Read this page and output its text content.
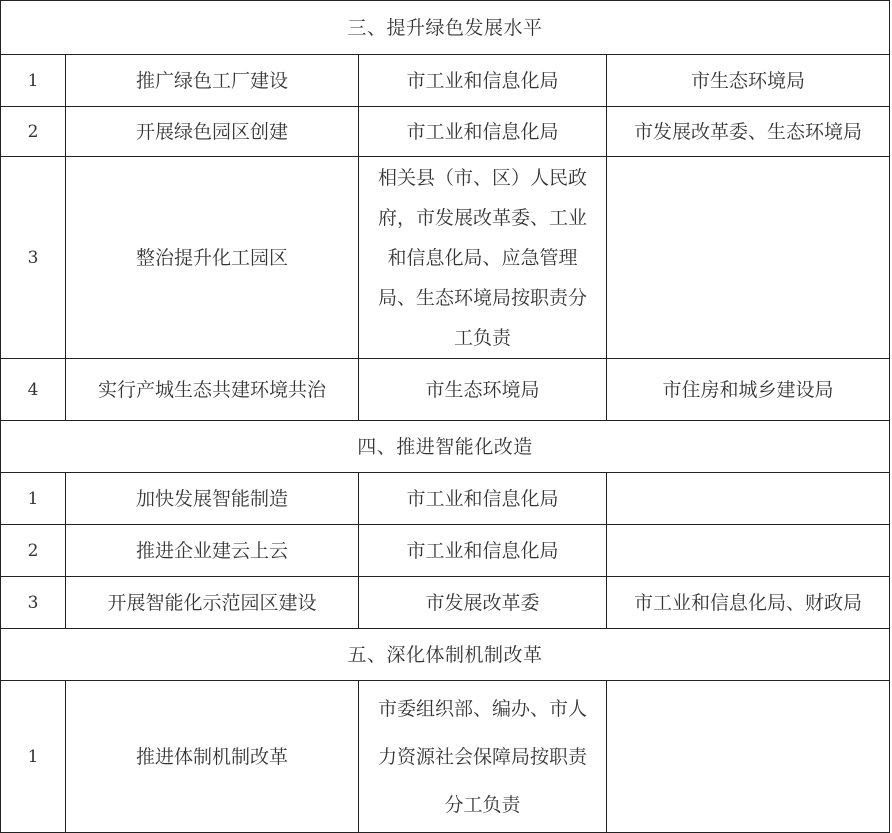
三、提升绿色发展水平			
1	推广绿色工厂建设	市工业和信息化局	市生态环境局
2	开展绿色园区创建	市工业和信息化局	市发展改革委、生态环境局
3	整治提升化工园区	相关县（市、区）人民政
府，市发展改革委、工业
和信息化局、应急管理
局、生态环境局按职责分
工负责	

4	实行产城生态共建环境共治	市生态环境局	市住房和城乡建设局
四、推进智能化改造			
1	加快发展智能制造	市工业和信息化局	

2	推进企业建云上云	市工业和信息化局	

3	开展智能化示范园区建设	市发展改革委	市工业和信息化局、财政局
五、深化体制机制改革			
1	推进体制机制改革	市委组织部、编办、市人
力资源社会保障局按职责
分工负责	
